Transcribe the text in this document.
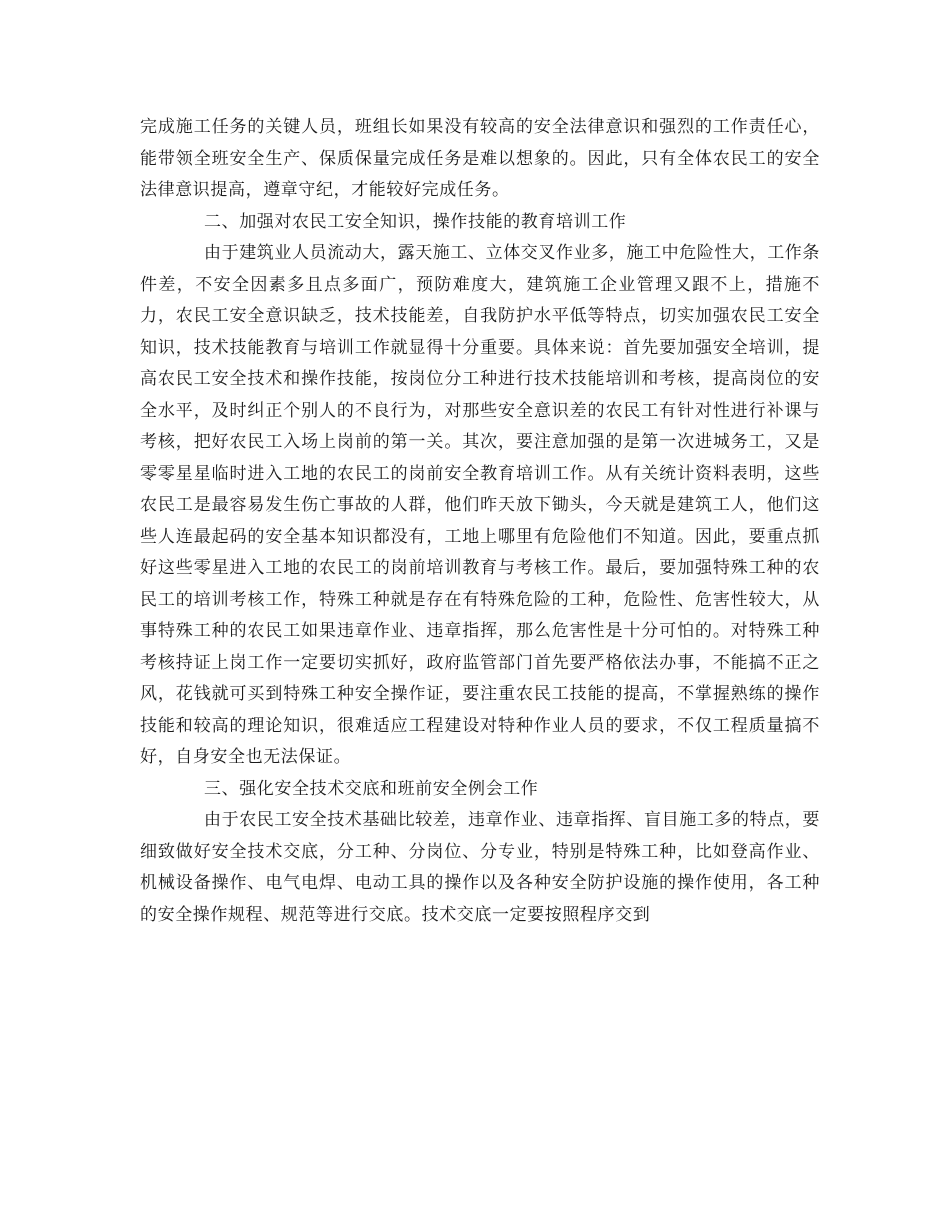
完成施工任务的关键人员，班组长如果没有较高的安全法律意识和强烈的工作责任心，能带领全班安全生产、保质保量完成任务是难以想象的。因此，只有全体农民工的安全法律意识提高，遵章守纪，才能较好完成任务。

二、加强对农民工安全知识，操作技能的教育培训工作

由于建筑业人员流动大，露天施工、立体交叉作业多，施工中危险性大，工作条件差，不安全因素多且点多面广，预防难度大，建筑施工企业管理又跟不上，措施不力，农民工安全意识缺乏，技术技能差，自我防护水平低等特点，切实加强农民工安全知识，技术技能教育与培训工作就显得十分重要。具体来说：首先要加强安全培训，提高农民工安全技术和操作技能，按岗位分工种进行技术技能培训和考核，提高岗位的安全水平，及时纠正个别人的不良行为，对那些安全意识差的农民工有针对性进行补课与考核，把好农民工入场上岗前的第一关。其次，要注意加强的是第一次进城务工，又是零零星星临时进入工地的农民工的岗前安全教育培训工作。从有关统计资料表明，这些农民工是最容易发生伤亡事故的人群，他们昨天放下锄头，今天就是建筑工人，他们这些人连最起码的安全基本知识都没有，工地上哪里有危险他们不知道。因此，要重点抓好这些零星进入工地的农民工的岗前培训教育与考核工作。最后，要加强特殊工种的农民工的培训考核工作，特殊工种就是存在有特殊危险的工种，危险性、危害性较大，从事特殊工种的农民工如果违章作业、违章指挥，那么危害性是十分可怕的。对特殊工种考核持证上岗工作一定要切实抓好，政府监管部门首先要严格依法办事，不能搞不正之风，花钱就可买到特殊工种安全操作证，要注重农民工技能的提高，不掌握熟练的操作技能和较高的理论知识，很难适应工程建设对特种作业人员的要求，不仅工程质量搞不好，自身安全也无法保证。

三、强化安全技术交底和班前安全例会工作

由于农民工安全技术基础比较差，违章作业、违章指挥、盲目施工多的特点，要细致做好安全技术交底，分工种、分岗位、分专业，特别是特殊工种，比如登高作业、机械设备操作、电气电焊、电动工具的操作以及各种安全防护设施的操作使用，各工种的安全操作规程、规范等进行交底。技术交底一定要按照程序交到
